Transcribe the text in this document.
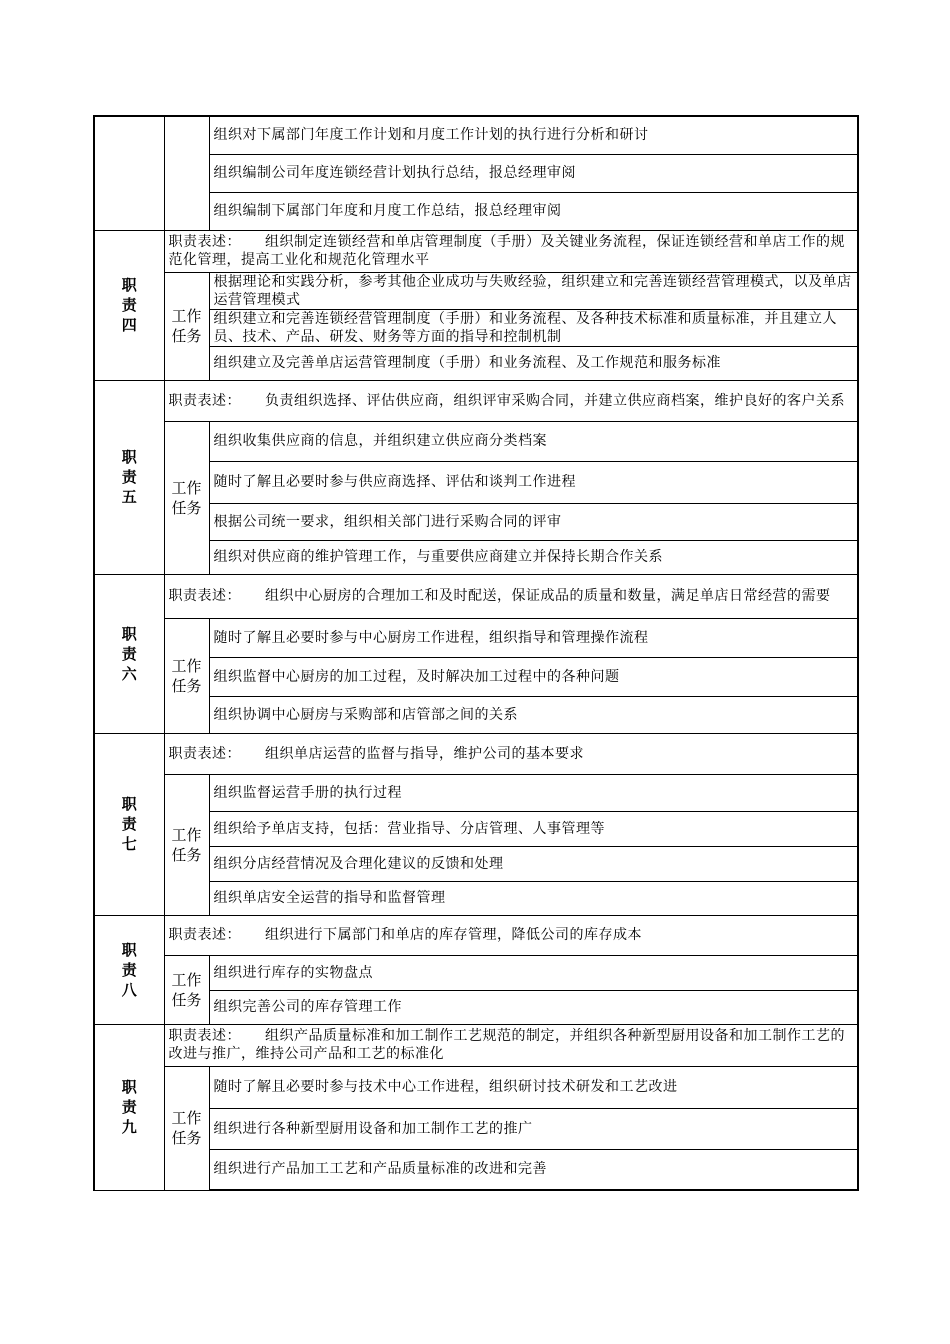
		组织对下属部门年度工作计划和月度工作计划的执行进行分析和研讨
		组织编制公司年度连锁经营计划执行总结，报总经理审阅
		组织编制下属部门年度和月度工作总结，报总经理审阅

职
责
四	职责表述： 组织制定连锁经营和单店管理制度（手册）及关键业务流程，保证连锁经营和单店工作的规范化管理，提高工业化和规范化管理水平	

	工作
任务	根据理论和实践分析，参考其他企业成功与失败经验，组织建立和完善连锁经营管理模式，以及单店运营管理模式
		组织建立和完善连锁经营管理制度（手册）和业务流程、及各种技术标准和质量标准，并且建立人员、技术、产品、研发、财务等方面的指导和控制机制
		组织建立及完善单店运营管理制度（手册）和业务流程、及工作规范和服务标准

职
责
五	职责表述： 负责组织选择、评估供应商，组织评审采购合同，并建立供应商档案，维护良好的客户关系	

	工作
任务	组织收集供应商的信息，并组织建立供应商分类档案
		随时了解且必要时参与供应商选择、评估和谈判工作进程
		根据公司统一要求，组织相关部门进行采购合同的评审
		组织对供应商的维护管理工作，与重要供应商建立并保持长期合作关系

职
责
六	职责表述： 组织中心厨房的合理加工和及时配送，保证成品的质量和数量，满足单店日常经营的需要	

	工作
任务	随时了解且必要时参与中心厨房工作进程，组织指导和管理操作流程
		组织监督中心厨房的加工过程，及时解决加工过程中的各种问题
		组织协调中心厨房与采购部和店管部之间的关系

职
责
七	职责表述： 组织单店运营的监督与指导，维护公司的基本要求	

	工作
任务	组织监督运营手册的执行过程
		组织给予单店支持，包括：营业指导、分店管理、人事管理等
		组织分店经营情况及合理化建议的反馈和处理
		组织单店安全运营的指导和监督管理

职
责
八	职责表述： 组织进行下属部门和单店的库存管理，降低公司的库存成本	

	工作
任务	组织进行库存的实物盘点
		组织完善公司的库存管理工作

职
责
九	职责表述： 组织产品质量标准和加工制作工艺规范的制定，并组织各种新型厨用设备和加工制作工艺的改进与推广，维持公司产品和工艺的标准化	

	工作
任务	随时了解且必要时参与技术中心工作进程，组织研讨技术研发和工艺改进
		组织进行各种新型厨用设备和加工制作工艺的推广
		组织进行产品加工工艺和产品质量标准的改进和完善
